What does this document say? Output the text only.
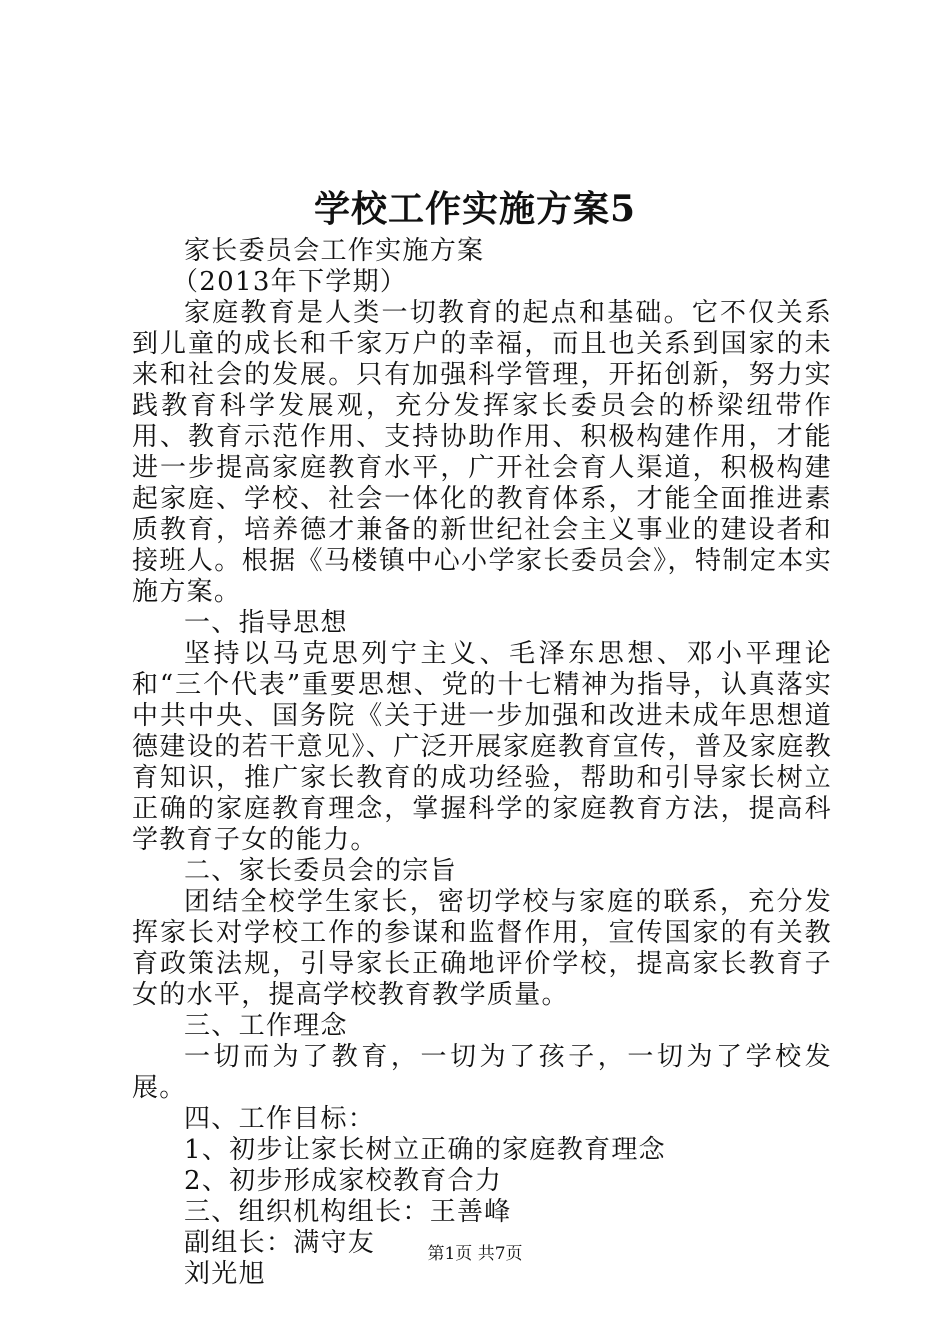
学校工作实施方案5

家长委员会工作实施方案

（2013年下学期）

家庭教育是人类一切教育的起点和基础。它不仅关系到儿童的成长和千家万户的幸福，而且也关系到国家的未来和社会的发展。只有加强科学管理，开拓创新，努力实践教育科学发展观，充分发挥家长委员会的桥梁纽带作用、教育示范作用、支持协助作用、积极构建作用，才能进一步提高家庭教育水平，广开社会育人渠道，积极构建起家庭、学校、社会一体化的教育体系，才能全面推进素质教育，培养德才兼备的新世纪社会主义事业的建设者和接班人。根据《马楼镇中心小学家长委员会》，特制定本实施方案。

一、指导思想

坚持以马克思列宁主义、毛泽东思想、邓小平理论和“三个代表”重要思想、党的十七精神为指导，认真落实中共中央、国务院《关于进一步加强和改进未成年思想道德建设的若干意见》、广泛开展家庭教育宣传，普及家庭教育知识，推广家长教育的成功经验，帮助和引导家长树立正确的家庭教育理念，掌握科学的家庭教育方法，提高科学教育子女的能力。

二、家长委员会的宗旨

团结全校学生家长，密切学校与家庭的联系，充分发挥家长对学校工作的参谋和监督作用，宣传国家的有关教育政策法规，引导家长正确地评价学校，提高家长教育子女的水平，提高学校教育教学质量。

三、工作理念

一切而为了教育，一切为了孩子，一切为了学校发展。

四、工作目标：

1、初步让家长树立正确的家庭教育理念

2、初步形成家校教育合力

三、组织机构组长：王善峰

副组长：满守友

刘光旭

第1页 共7页
